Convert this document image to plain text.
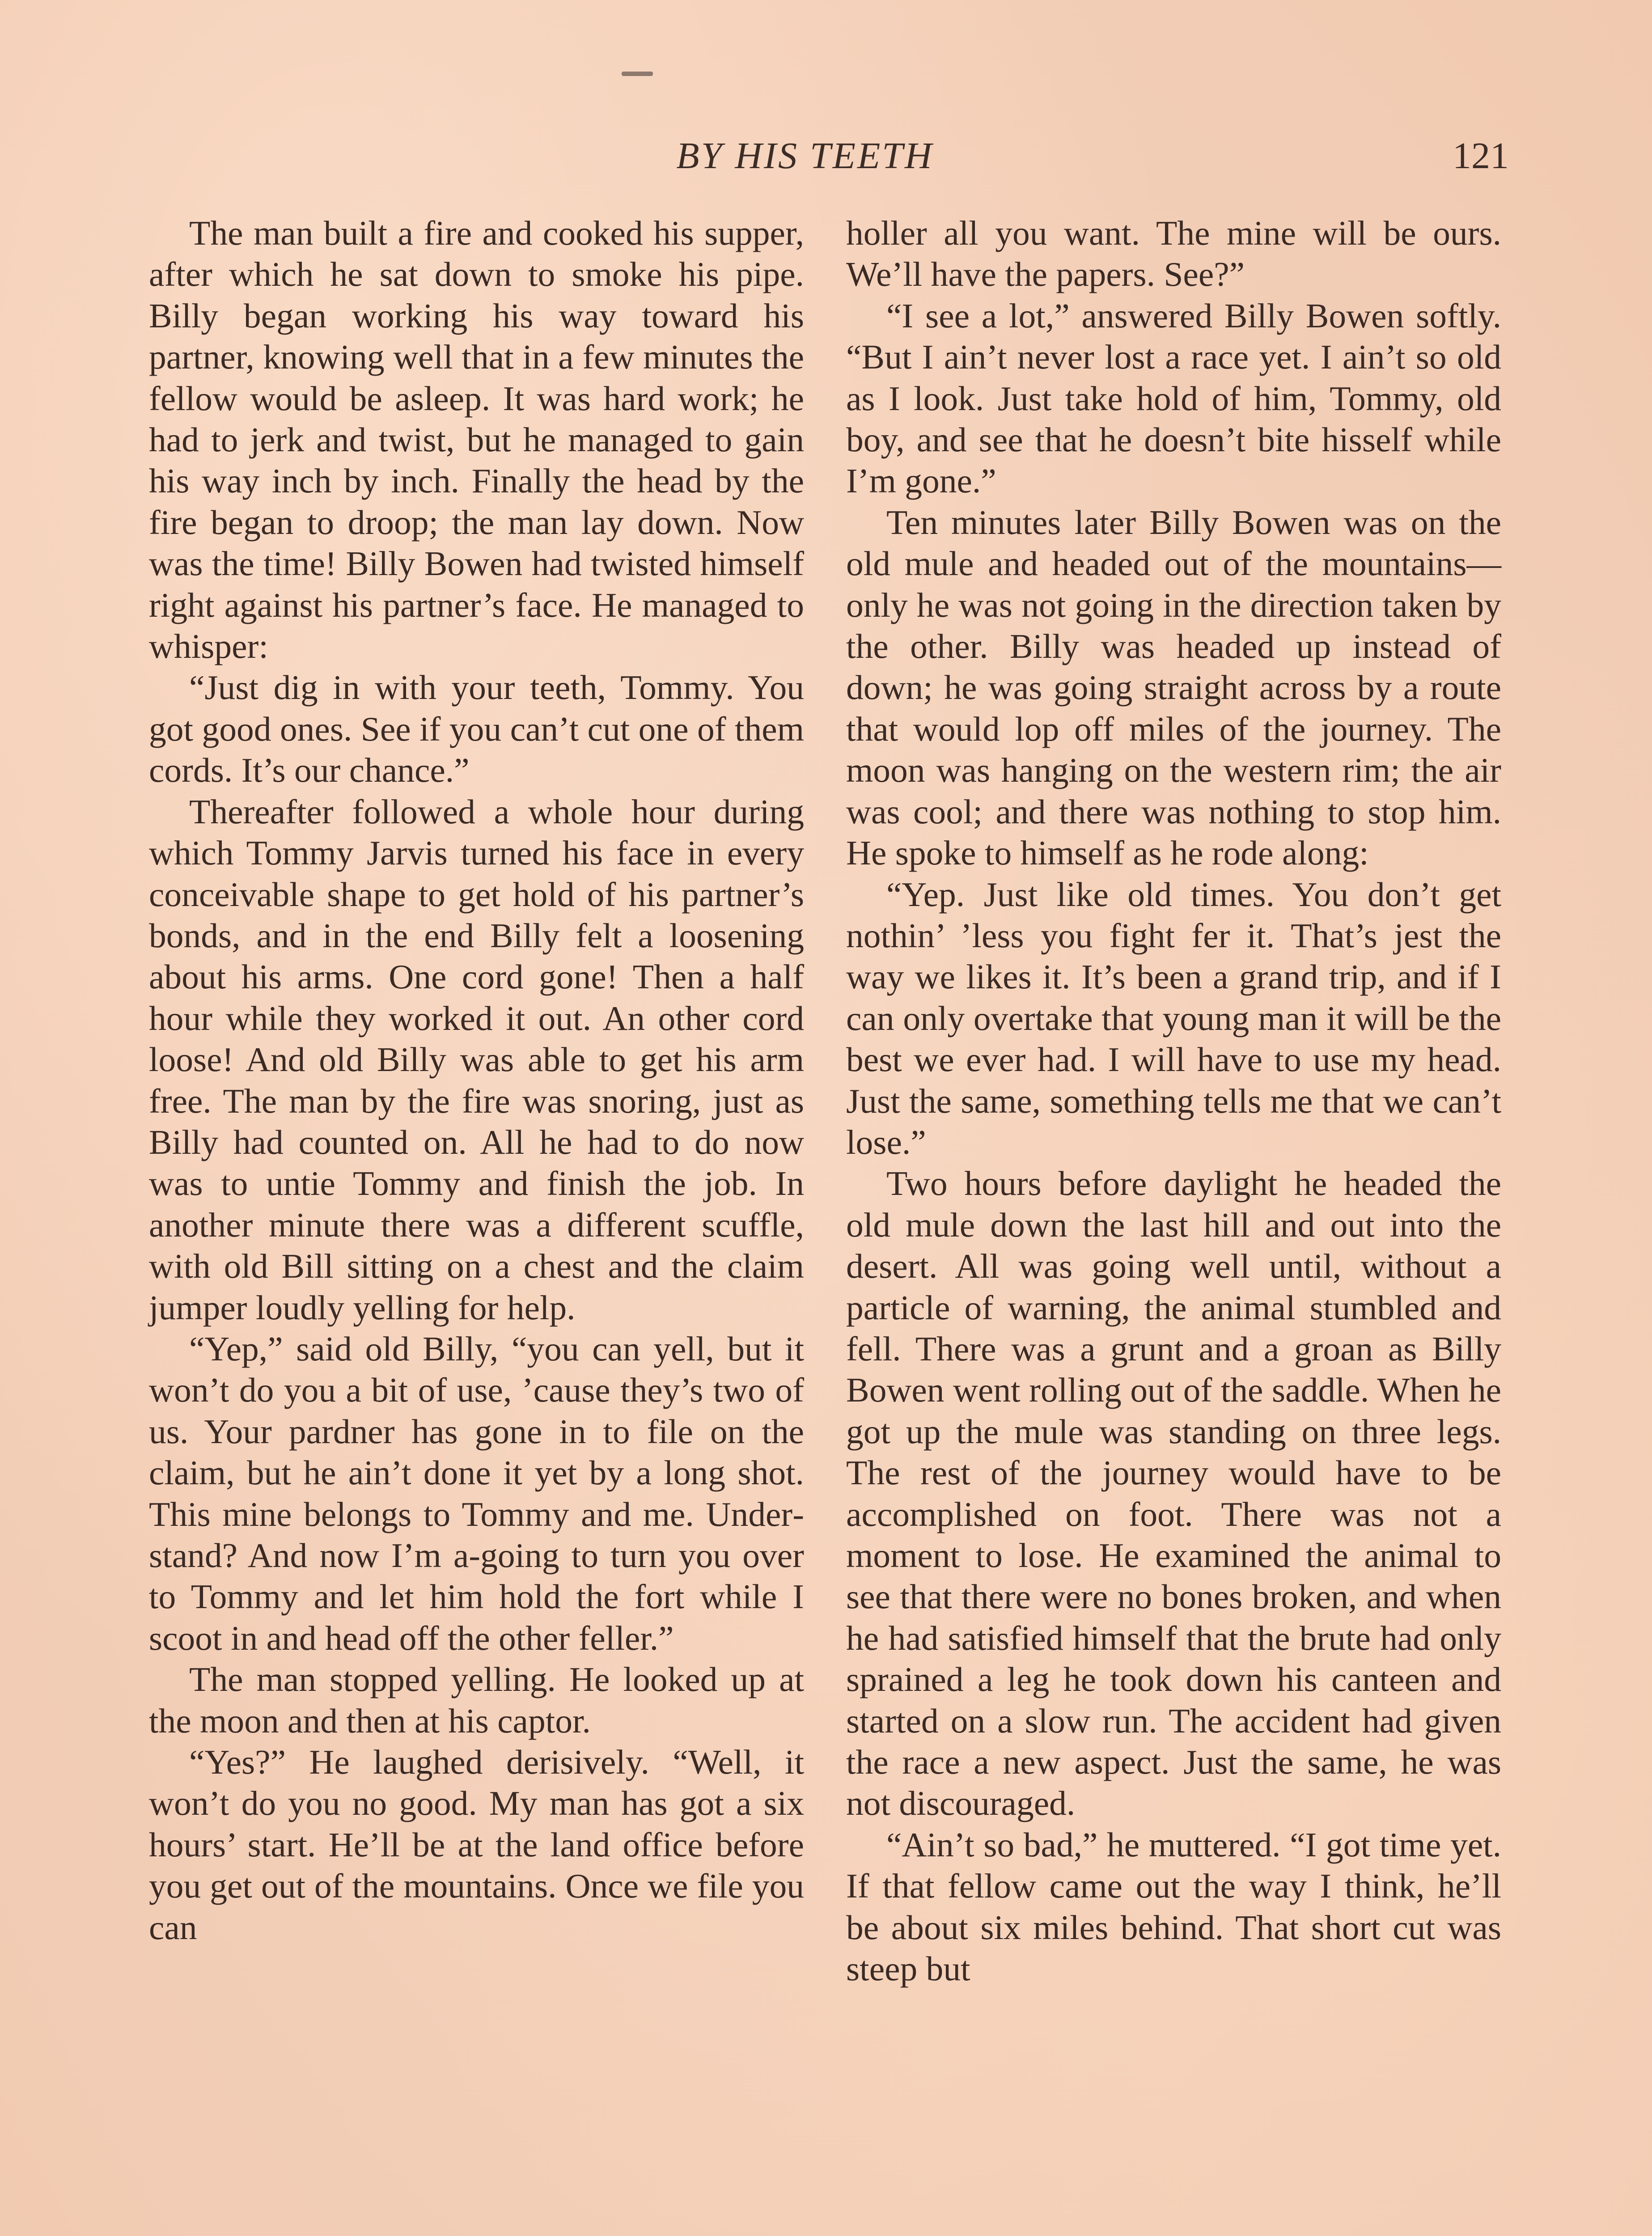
BY HIS TEETH	121

The man built a fire and cooked his supper, after which he sat down to smoke his pipe. Billy began working his way toward his partner, knowing well that in a few minutes the fellow would be asleep. It was hard work; he had to jerk and twist, but he managed to gain his way inch by inch. Finally the head by the fire began to droop; the man lay down. Now was the time! Billy Bowen had twisted himself right against his partner’s face. He managed to whisper:

“Just dig in with your teeth, Tommy. You got good ones. See if you can’t cut one of them cords. It’s our chance.”

Thereafter followed a whole hour during which Tommy Jarvis turned his face in every conceivable shape to get hold of his partner’s bonds, and in the end Billy felt a loosening about his arms. One cord gone! Then a half hour while they worked it out. An other cord loose! And old Billy was able to get his arm free. The man by the fire was snoring, just as Billy had counted on. All he had to do now was to untie Tommy and finish the job. In another minute there was a different scuffle, with old Bill sitting on a chest and the claim jumper loudly yelling for help.

“Yep,” said old Billy, “you can yell, but it won’t do you a bit of use, ’cause they’s two of us. Your pardner has gone in to file on the claim, but he ain’t done it yet by a long shot. This mine belongs to Tommy and me. Understand? And now I’m a-going to turn you over to Tommy and let him hold the fort while I scoot in and head off the other feller.”

The man stopped yelling. He looked up at the moon and then at his captor.

“Yes?” He laughed derisively. “Well, it won’t do you no good. My man has got a six hours’ start. He’ll be at the land office before you get out of the mountains. Once we file you can

holler all you want. The mine will be ours. We’ll have the papers. See?”

“I see a lot,” answered Billy Bowen softly. “But I ain’t never lost a race yet. I ain’t so old as I look. Just take hold of him, Tommy, old boy, and see that he doesn’t bite hisself while I’m gone.”

Ten minutes later Billy Bowen was on the old mule and headed out of the mountains—only he was not going in the direction taken by the other. Billy was headed up instead of down; he was going straight across by a route that would lop off miles of the journey. The moon was hanging on the western rim; the air was cool; and there was nothing to stop him. He spoke to himself as he rode along:

“Yep. Just like old times. You don’t get nothin’ ’less you fight fer it. That’s jest the way we likes it. It’s been a grand trip, and if I can only overtake that young man it will be the best we ever had. I will have to use my head. Just the same, something tells me that we can’t lose.”

Two hours before daylight he headed the old mule down the last hill and out into the desert. All was going well until, without a particle of warning, the animal stumbled and fell. There was a grunt and a groan as Billy Bowen went rolling out of the saddle. When he got up the mule was standing on three legs. The rest of the journey would have to be accomplished on foot. There was not a moment to lose. He examined the animal to see that there were no bones broken, and when he had satisfied himself that the brute had only sprained a leg he took down his canteen and started on a slow run. The accident had given the race a new aspect. Just the same, he was not discouraged.

“Ain’t so bad,” he muttered. “I got time yet. If that fellow came out the way I think, he’ll be about six miles behind. That short cut was steep but
